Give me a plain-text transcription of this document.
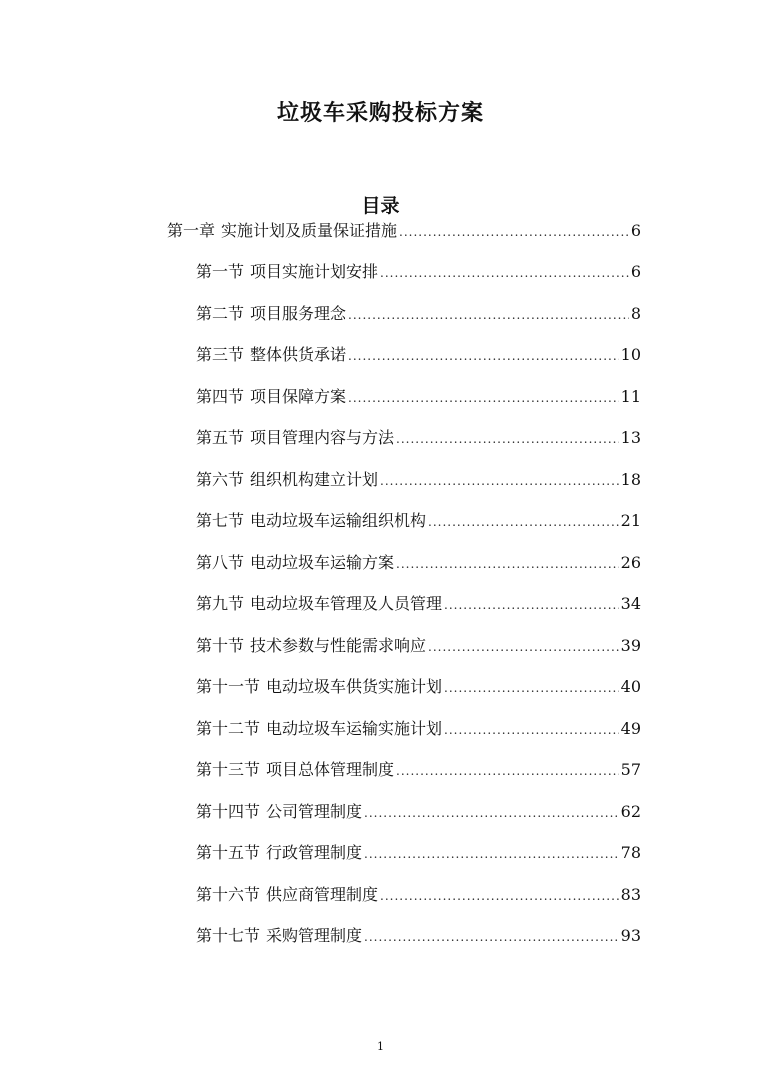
垃圾车采购投标方案
目录
第一章 实施计划及质量保证措施 .....	6
第一节 项目实施计划安排 .....	6
第二节 项目服务理念 .....	8
第三节 整体供货承诺 .....	10
第四节 项目保障方案 .....	11
第五节 项目管理内容与方法 .....	13
第六节 组织机构建立计划 .....	18
第七节 电动垃圾车运输组织机构 .....	21
第八节 电动垃圾车运输方案 .....	26
第九节 电动垃圾车管理及人员管理 .....	34
第十节 技术参数与性能需求响应 .....	39
第十一节 电动垃圾车供货实施计划 .....	40
第十二节 电动垃圾车运输实施计划 .....	49
第十三节 项目总体管理制度 .....	57
第十四节 公司管理制度 .....	62
第十五节 行政管理制度 .....	78
第十六节 供应商管理制度 .....	83
第十七节 采购管理制度 .....	93

1
